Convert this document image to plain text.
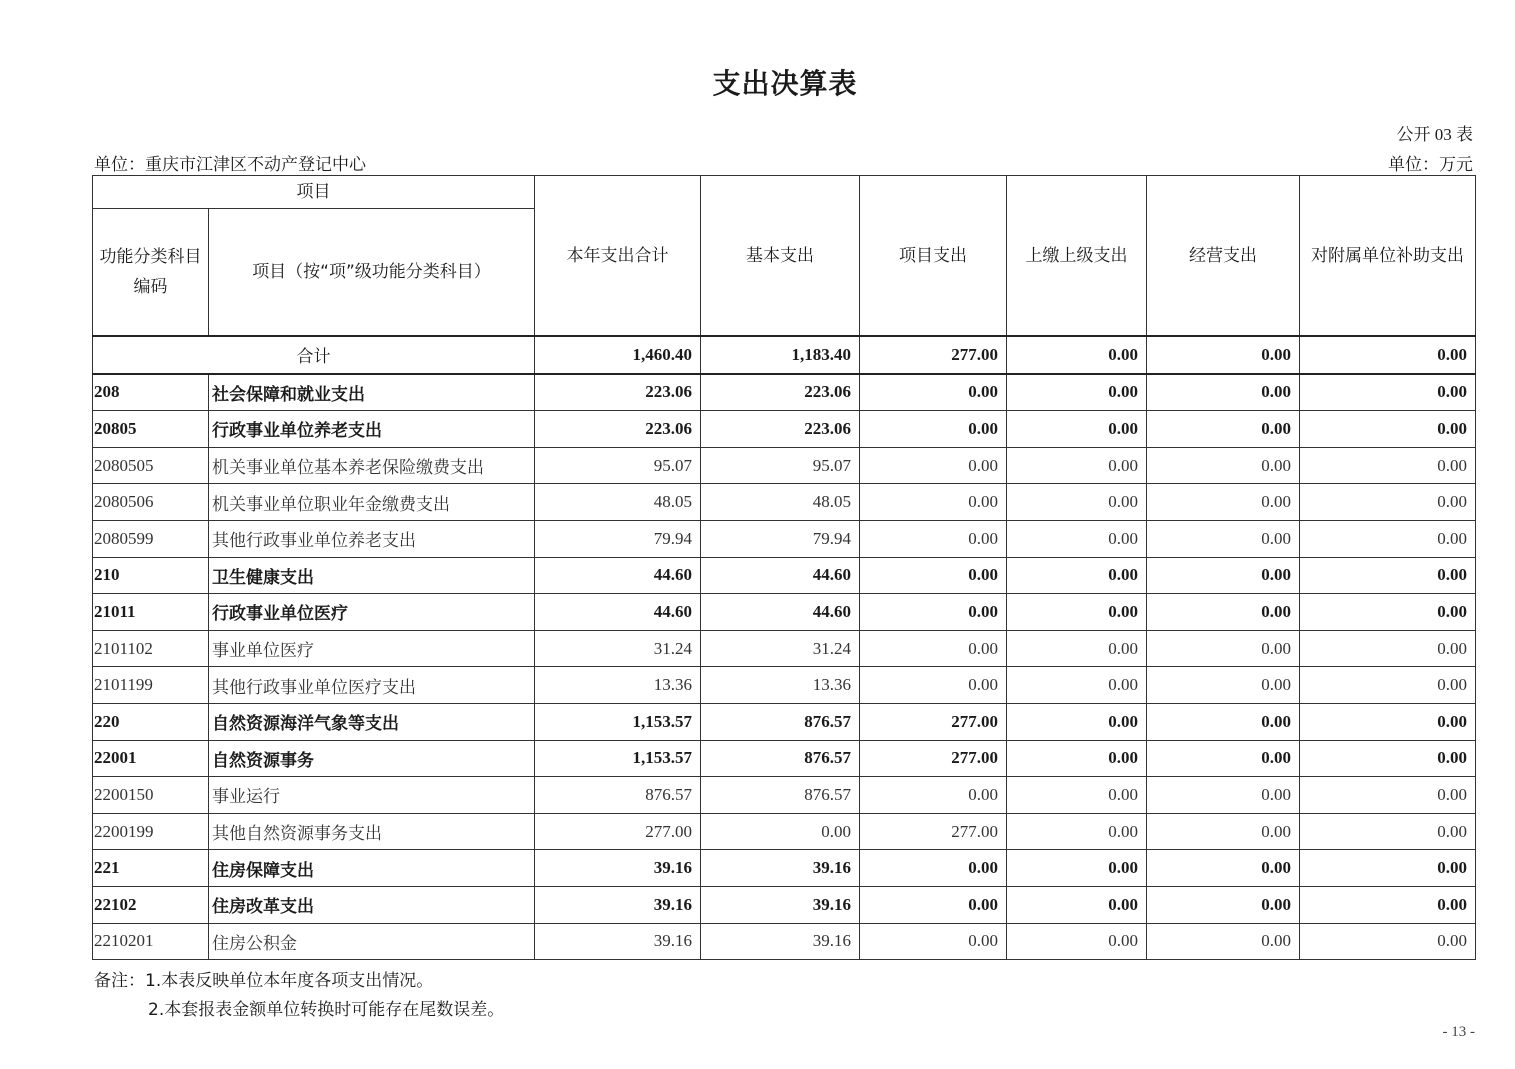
支出决算表
公开 03 表
单位：重庆市江津区不动产登记中心	单位：万元
项目		本年支出合计	基本支出	项目支出	上缴上级支出	经营支出	对附属单位补助支出
功能分类科目编码	项目（按“项”级功能分类科目）						
合计		1,460.40	1,183.40	277.00	0.00	0.00	0.00
208	社会保障和就业支出	223.06	223.06	0.00	0.00	0.00	0.00
20805	行政事业单位养老支出	223.06	223.06	0.00	0.00	0.00	0.00
2080505	机关事业单位基本养老保险缴费支出	95.07	95.07	0.00	0.00	0.00	0.00
2080506	机关事业单位职业年金缴费支出	48.05	48.05	0.00	0.00	0.00	0.00
2080599	其他行政事业单位养老支出	79.94	79.94	0.00	0.00	0.00	0.00
210	卫生健康支出	44.60	44.60	0.00	0.00	0.00	0.00
21011	行政事业单位医疗	44.60	44.60	0.00	0.00	0.00	0.00
2101102	事业单位医疗	31.24	31.24	0.00	0.00	0.00	0.00
2101199	其他行政事业单位医疗支出	13.36	13.36	0.00	0.00	0.00	0.00
220	自然资源海洋气象等支出	1,153.57	876.57	277.00	0.00	0.00	0.00
22001	自然资源事务	1,153.57	876.57	277.00	0.00	0.00	0.00
2200150	事业运行	876.57	876.57	0.00	0.00	0.00	0.00
2200199	其他自然资源事务支出	277.00	0.00	277.00	0.00	0.00	0.00
221	住房保障支出	39.16	39.16	0.00	0.00	0.00	0.00
22102	住房改革支出	39.16	39.16	0.00	0.00	0.00	0.00
2210201	住房公积金	39.16	39.16	0.00	0.00	0.00	0.00
备注：1.本表反映单位本年度各项支出情况。
2.本套报表金额单位转换时可能存在尾数误差。
- 13 -
